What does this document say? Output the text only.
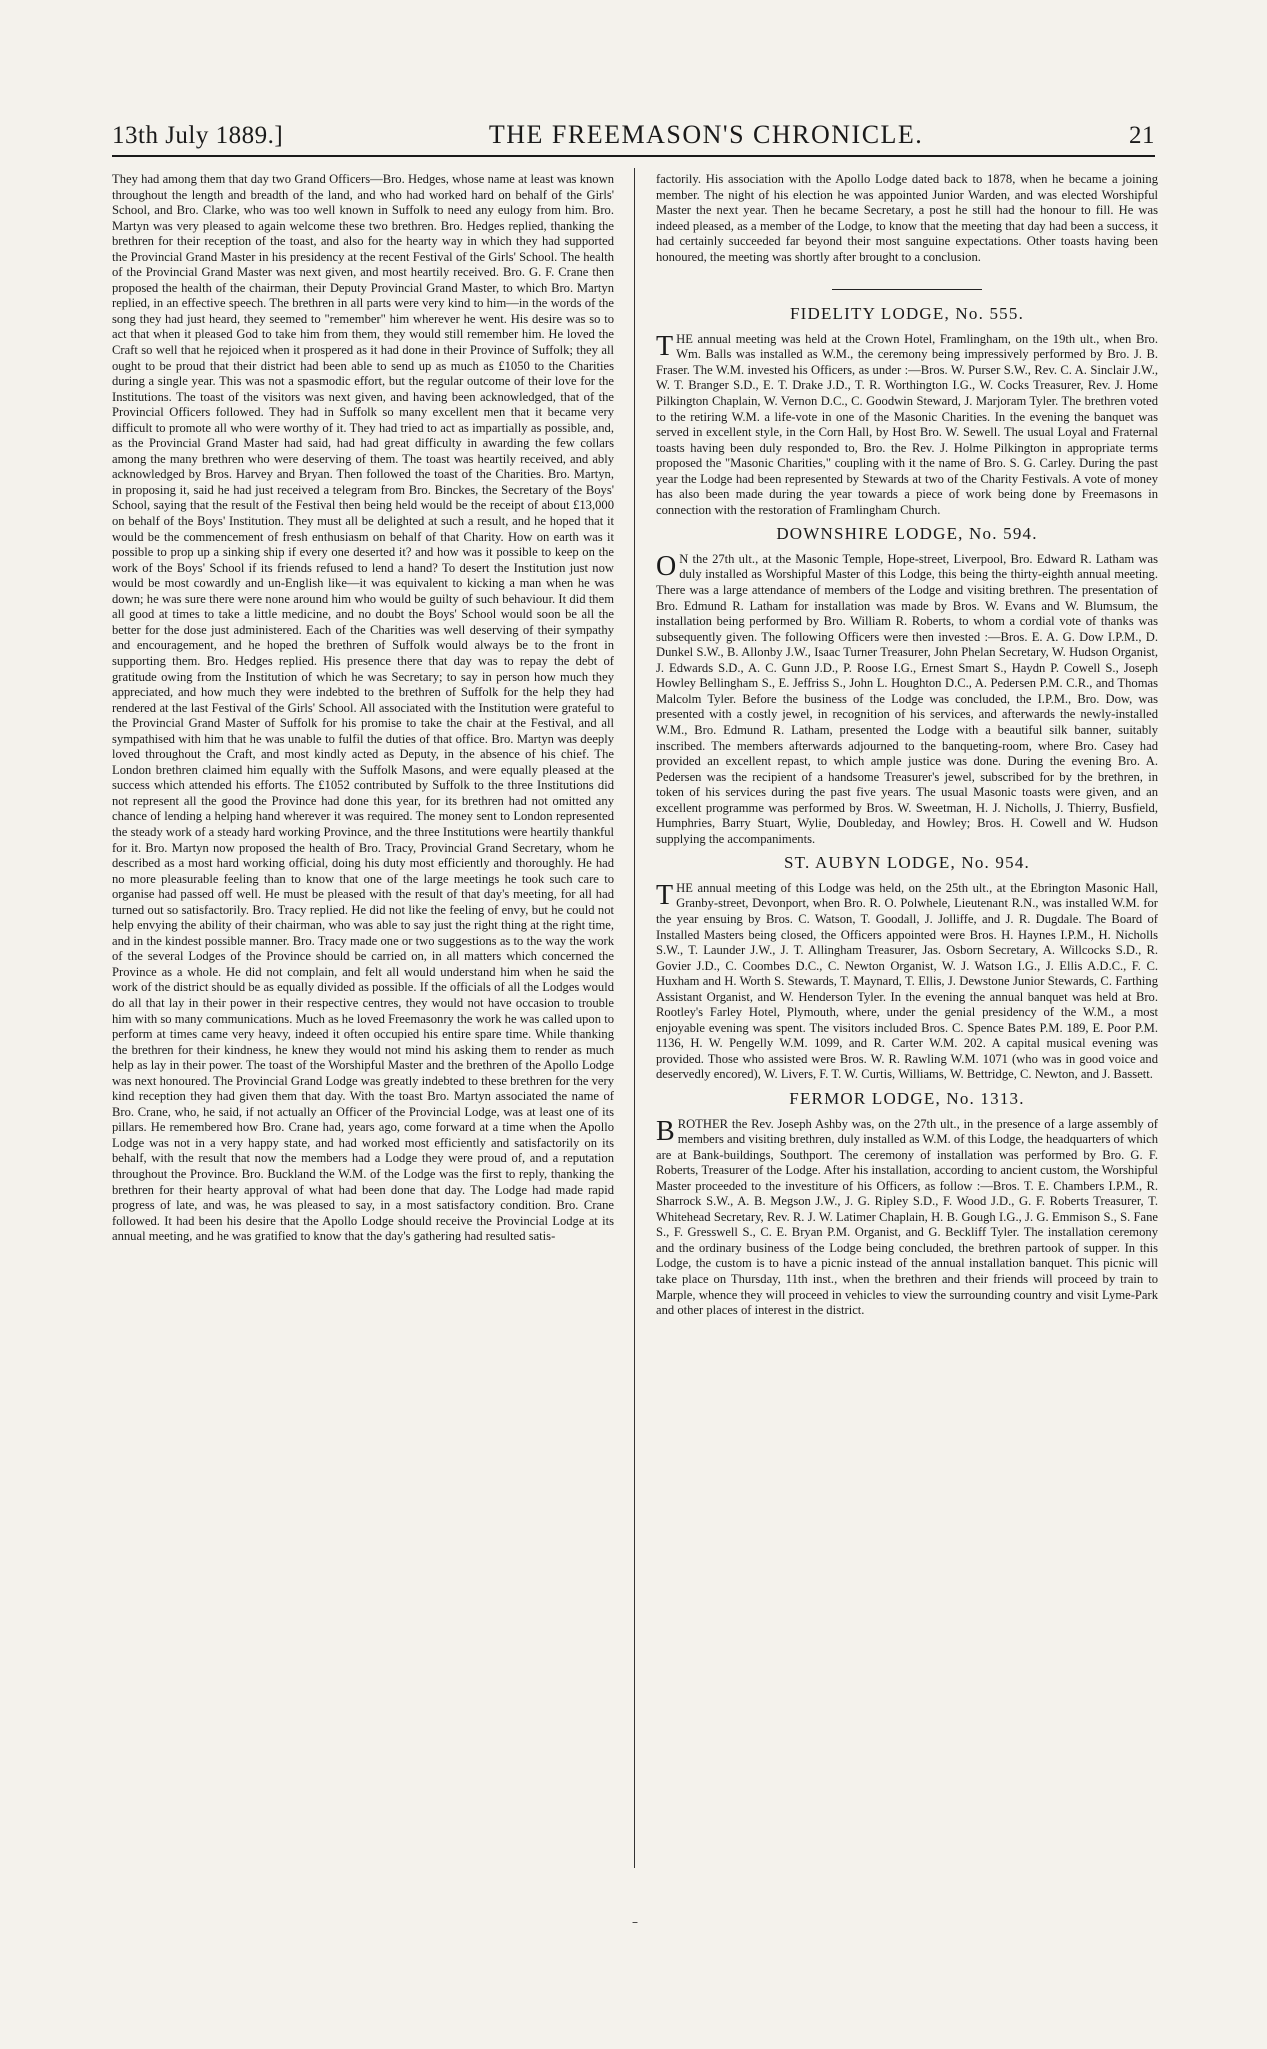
13th July 1889.]	THE FREEMASON'S CHRONICLE.	21

They had among them that day two Grand Officers—Bro. Hedges, whose name at least was known throughout the length and breadth of the land, and who had worked hard on behalf of the Girls' School, and Bro. Clarke, who was too well known in Suffolk to need any eulogy from him. Bro. Martyn was very pleased to again welcome these two brethren. Bro. Hedges replied, thanking the brethren for their reception of the toast, and also for the hearty way in which they had supported the Provincial Grand Master in his presidency at the recent Festival of the Girls' School. The health of the Provincial Grand Master was next given, and most heartily received. Bro. G. F. Crane then proposed the health of the chairman, their Deputy Provincial Grand Master, to which Bro. Martyn replied, in an effective speech. The brethren in all parts were very kind to him—in the words of the song they had just heard, they seemed to "remember" him wherever he went. His desire was so to act that when it pleased God to take him from them, they would still remember him. He loved the Craft so well that he rejoiced when it prospered as it had done in their Province of Suffolk; they all ought to be proud that their district had been able to send up as much as £1050 to the Charities during a single year. This was not a spasmodic effort, but the regular outcome of their love for the Institutions. The toast of the visitors was next given, and having been acknowledged, that of the Provincial Officers followed. They had in Suffolk so many excellent men that it became very difficult to promote all who were worthy of it. They had tried to act as impartially as possible, and, as the Provincial Grand Master had said, had had great difficulty in awarding the few collars among the many brethren who were deserving of them. The toast was heartily received, and ably acknowledged by Bros. Harvey and Bryan. Then followed the toast of the Charities. Bro. Martyn, in proposing it, said he had just received a telegram from Bro. Binckes, the Secretary of the Boys' School, saying that the result of the Festival then being held would be the receipt of about £13,000 on behalf of the Boys' Institution. They must all be delighted at such a result, and he hoped that it would be the commencement of fresh enthusiasm on behalf of that Charity. How on earth was it possible to prop up a sinking ship if every one deserted it? and how was it possible to keep on the work of the Boys' School if its friends refused to lend a hand? To desert the Institution just now would be most cowardly and un-English like—it was equivalent to kicking a man when he was down; he was sure there were none around him who would be guilty of such behaviour. It did them all good at times to take a little medicine, and no doubt the Boys' School would soon be all the better for the dose just administered. Each of the Charities was well deserving of their sympathy and encouragement, and he hoped the brethren of Suffolk would always be to the front in supporting them. Bro. Hedges replied. His presence there that day was to repay the debt of gratitude owing from the Institution of which he was Secretary; to say in person how much they appreciated, and how much they were indebted to the brethren of Suffolk for the help they had rendered at the last Festival of the Girls' School. All associated with the Institution were grateful to the Provincial Grand Master of Suffolk for his promise to take the chair at the Festival, and all sympathised with him that he was unable to fulfil the duties of that office. Bro. Martyn was deeply loved throughout the Craft, and most kindly acted as Deputy, in the absence of his chief. The London brethren claimed him equally with the Suffolk Masons, and were equally pleased at the success which attended his efforts. The £1052 contributed by Suffolk to the three Institutions did not represent all the good the Province had done this year, for its brethren had not omitted any chance of lending a helping hand wherever it was required. The money sent to London represented the steady work of a steady hard working Province, and the three Institutions were heartily thankful for it. Bro. Martyn now proposed the health of Bro. Tracy, Provincial Grand Secretary, whom he described as a most hard working official, doing his duty most efficiently and thoroughly. He had no more pleasurable feeling than to know that one of the large meetings he took such care to organise had passed off well. He must be pleased with the result of that day's meeting, for all had turned out so satisfactorily. Bro. Tracy replied. He did not like the feeling of envy, but he could not help envying the ability of their chairman, who was able to say just the right thing at the right time, and in the kindest possible manner. Bro. Tracy made one or two suggestions as to the way the work of the several Lodges of the Province should be carried on, in all matters which concerned the Province as a whole. He did not complain, and felt all would understand him when he said the work of the district should be as equally divided as possible. If the officials of all the Lodges would do all that lay in their power in their respective centres, they would not have occasion to trouble him with so many communications. Much as he loved Freemasonry the work he was called upon to perform at times came very heavy, indeed it often occupied his entire spare time. While thanking the brethren for their kindness, he knew they would not mind his asking them to render as much help as lay in their power. The toast of the Worshipful Master and the brethren of the Apollo Lodge was next honoured. The Provincial Grand Lodge was greatly indebted to these brethren for the very kind reception they had given them that day. With the toast Bro. Martyn associated the name of Bro. Crane, who, he said, if not actually an Officer of the Provincial Lodge, was at least one of its pillars. He remembered how Bro. Crane had, years ago, come forward at a time when the Apollo Lodge was not in a very happy state, and had worked most efficiently and satisfactorily on its behalf, with the result that now the members had a Lodge they were proud of, and a reputation throughout the Province. Bro. Buckland the W.M. of the Lodge was the first to reply, thanking the brethren for their hearty approval of what had been done that day. The Lodge had made rapid progress of late, and was, he was pleased to say, in a most satisfactory condition. Bro. Crane followed. It had been his desire that the Apollo Lodge should receive the Provincial Lodge at its annual meeting, and he was gratified to know that the day's gathering had resulted satis-

factorily. His association with the Apollo Lodge dated back to 1878, when he became a joining member. The night of his election he was appointed Junior Warden, and was elected Worshipful Master the next year. Then he became Secretary, a post he still had the honour to fill. He was indeed pleased, as a member of the Lodge, to know that the meeting that day had been a success, it had certainly succeeded far beyond their most sanguine expectations. Other toasts having been honoured, the meeting was shortly after brought to a conclusion.

FIDELITY LODGE, No. 555.

THE annual meeting was held at the Crown Hotel, Framlingham, on the 19th ult., when Bro. Wm. Balls was installed as W.M., the ceremony being impressively performed by Bro. J. B. Fraser. The W.M. invested his Officers, as under :—Bros. W. Purser S.W., Rev. C. A. Sinclair J.W., W. T. Branger S.D., E. T. Drake J.D., T. R. Worthington I.G., W. Cocks Treasurer, Rev. J. Home Pilkington Chaplain, W. Vernon D.C., C. Goodwin Steward, J. Marjoram Tyler. The brethren voted to the retiring W.M. a life-vote in one of the Masonic Charities. In the evening the banquet was served in excellent style, in the Corn Hall, by Host Bro. W. Sewell. The usual Loyal and Fraternal toasts having been duly responded to, Bro. the Rev. J. Holme Pilkington in appropriate terms proposed the "Masonic Charities," coupling with it the name of Bro. S. G. Carley. During the past year the Lodge had been represented by Stewards at two of the Charity Festivals. A vote of money has also been made during the year towards a piece of work being done by Freemasons in connection with the restoration of Framlingham Church.

DOWNSHIRE LODGE, No. 594.

ON the 27th ult., at the Masonic Temple, Hope-street, Liverpool, Bro. Edward R. Latham was duly installed as Worshipful Master of this Lodge, this being the thirty-eighth annual meeting. There was a large attendance of members of the Lodge and visiting brethren. The presentation of Bro. Edmund R. Latham for installation was made by Bros. W. Evans and W. Blumsum, the installation being performed by Bro. William R. Roberts, to whom a cordial vote of thanks was subsequently given. The following Officers were then invested :—Bros. E. A. G. Dow I.P.M., D. Dunkel S.W., B. Allonby J.W., Isaac Turner Treasurer, John Phelan Secretary, W. Hudson Organist, J. Edwards S.D., A. C. Gunn J.D., P. Roose I.G., Ernest Smart S., Haydn P. Cowell S., Joseph Howley Bellingham S., E. Jeffriss S., John L. Houghton D.C., A. Pedersen P.M. C.R., and Thomas Malcolm Tyler. Before the business of the Lodge was concluded, the I.P.M., Bro. Dow, was presented with a costly jewel, in recognition of his services, and afterwards the newly-installed W.M., Bro. Edmund R. Latham, presented the Lodge with a beautiful silk banner, suitably inscribed. The members afterwards adjourned to the banqueting-room, where Bro. Casey had provided an excellent repast, to which ample justice was done. During the evening Bro. A. Pedersen was the recipient of a handsome Treasurer's jewel, subscribed for by the brethren, in token of his services during the past five years. The usual Masonic toasts were given, and an excellent programme was performed by Bros. W. Sweetman, H. J. Nicholls, J. Thierry, Busfield, Humphries, Barry Stuart, Wylie, Doubleday, and Howley; Bros. H. Cowell and W. Hudson supplying the accompaniments.

ST. AUBYN LODGE, No. 954.

THE annual meeting of this Lodge was held, on the 25th ult., at the Ebrington Masonic Hall, Granby-street, Devonport, when Bro. R. O. Polwhele, Lieutenant R.N., was installed W.M. for the year ensuing by Bros. C. Watson, T. Goodall, J. Jolliffe, and J. R. Dugdale. The Board of Installed Masters being closed, the Officers appointed were Bros. H. Haynes I.P.M., H. Nicholls S.W., T. Launder J.W., J. T. Allingham Treasurer, Jas. Osborn Secretary, A. Willcocks S.D., R. Govier J.D., C. Coombes D.C., C. Newton Organist, W. J. Watson I.G., J. Ellis A.D.C., F. C. Huxham and H. Worth S. Stewards, T. Maynard, T. Ellis, J. Dewstone Junior Stewards, C. Farthing Assistant Organist, and W. Henderson Tyler. In the evening the annual banquet was held at Bro. Rootley's Farley Hotel, Plymouth, where, under the genial presidency of the W.M., a most enjoyable evening was spent. The visitors included Bros. C. Spence Bates P.M. 189, E. Poor P.M. 1136, H. W. Pengelly W.M. 1099, and R. Carter W.M. 202. A capital musical evening was provided. Those who assisted were Bros. W. R. Rawling W.M. 1071 (who was in good voice and deservedly encored), W. Livers, F. T. W. Curtis, Williams, W. Bettridge, C. Newton, and J. Bassett.

FERMOR LODGE, No. 1313.

BROTHER the Rev. Joseph Ashby was, on the 27th ult., in the presence of a large assembly of members and visiting brethren, duly installed as W.M. of this Lodge, the headquarters of which are at Bank-buildings, Southport. The ceremony of installation was performed by Bro. G. F. Roberts, Treasurer of the Lodge. After his installation, according to ancient custom, the Worshipful Master proceeded to the investiture of his Officers, as follow :—Bros. T. E. Chambers I.P.M., R. Sharrock S.W., A. B. Megson J.W., J. G. Ripley S.D., F. Wood J.D., G. F. Roberts Treasurer, T. Whitehead Secretary, Rev. R. J. W. Latimer Chaplain, H. B. Gough I.G., J. G. Emmison S., S. Fane S., F. Gresswell S., C. E. Bryan P.M. Organist, and G. Beckliff Tyler. The installation ceremony and the ordinary business of the Lodge being concluded, the brethren partook of supper. In this Lodge, the custom is to have a picnic instead of the annual installation banquet. This picnic will take place on Thursday, 11th inst., when the brethren and their friends will proceed by train to Marple, whence they will proceed in vehicles to view the surrounding country and visit Lyme-Park and other places of interest in the district.

–
